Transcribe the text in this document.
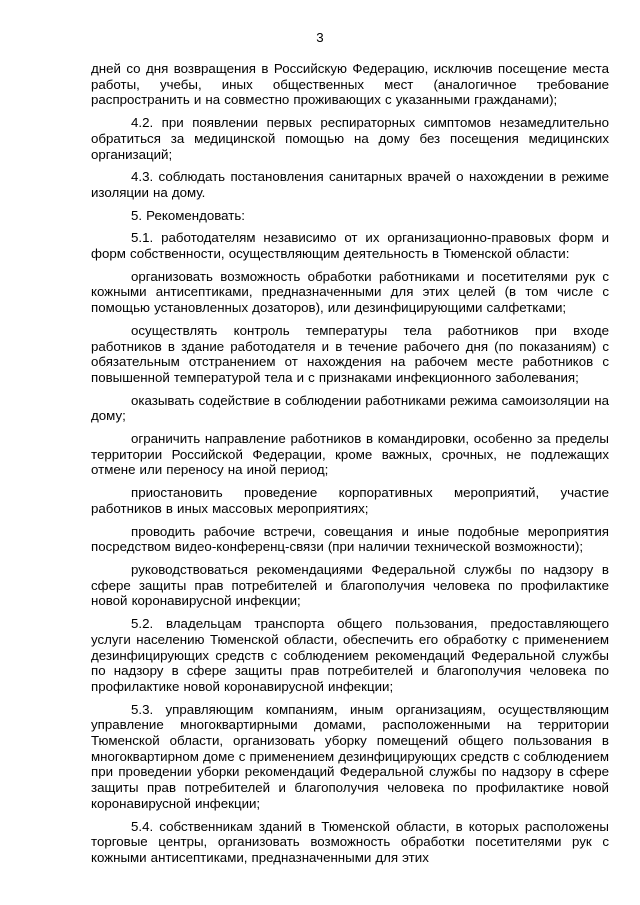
3

дней со дня возвращения в Российскую Федерацию, исключив посещение места работы, учебы, иных общественных мест (аналогичное требование распространить и на совместно проживающих с указанными гражданами);

4.2. при появлении первых респираторных симптомов незамедлительно обратиться за медицинской помощью на дому без посещения медицинских организаций;

4.3. соблюдать постановления санитарных врачей о нахождении в режиме изоляции на дому.

5. Рекомендовать:

5.1. работодателям независимо от их организационно-правовых форм и форм собственности, осуществляющим деятельность в Тюменской области:

организовать возможность обработки работниками и посетителями рук с кожными антисептиками, предназначенными для этих целей (в том числе с помощью установленных дозаторов), или дезинфицирующими салфетками;

осуществлять контроль температуры тела работников при входе работников в здание работодателя и в течение рабочего дня (по показаниям) с обязательным отстранением от нахождения на рабочем месте работников с повышенной температурой тела и с признаками инфекционного заболевания;

оказывать содействие в соблюдении работниками режима самоизоляции на дому;

ограничить направление работников в командировки, особенно за пределы территории Российской Федерации, кроме важных, срочных, не подлежащих отмене или переносу на иной период;

приостановить проведение корпоративных мероприятий, участие работников в иных массовых мероприятиях;

проводить рабочие встречи, совещания и иные подобные мероприятия посредством видео-конференц-связи (при наличии технической возможности);

руководствоваться рекомендациями Федеральной службы по надзору в сфере защиты прав потребителей и благополучия человека по профилактике новой коронавирусной инфекции;

5.2. владельцам транспорта общего пользования, предоставляющего услуги населению Тюменской области, обеспечить его обработку с применением дезинфицирующих средств с соблюдением рекомендаций Федеральной службы по надзору в сфере защиты прав потребителей и благополучия человека по профилактике новой коронавирусной инфекции;

5.3. управляющим компаниям, иным организациям, осуществляющим управление многоквартирными домами, расположенными на территории Тюменской области, организовать уборку помещений общего пользования в многоквартирном доме с применением дезинфицирующих средств с соблюдением при проведении уборки рекомендаций Федеральной службы по надзору в сфере защиты прав потребителей и благополучия человека по профилактике новой коронавирусной инфекции;

5.4. собственникам зданий в Тюменской области, в которых расположены торговые центры, организовать возможность обработки посетителями рук с кожными антисептиками, предназначенными для этих
